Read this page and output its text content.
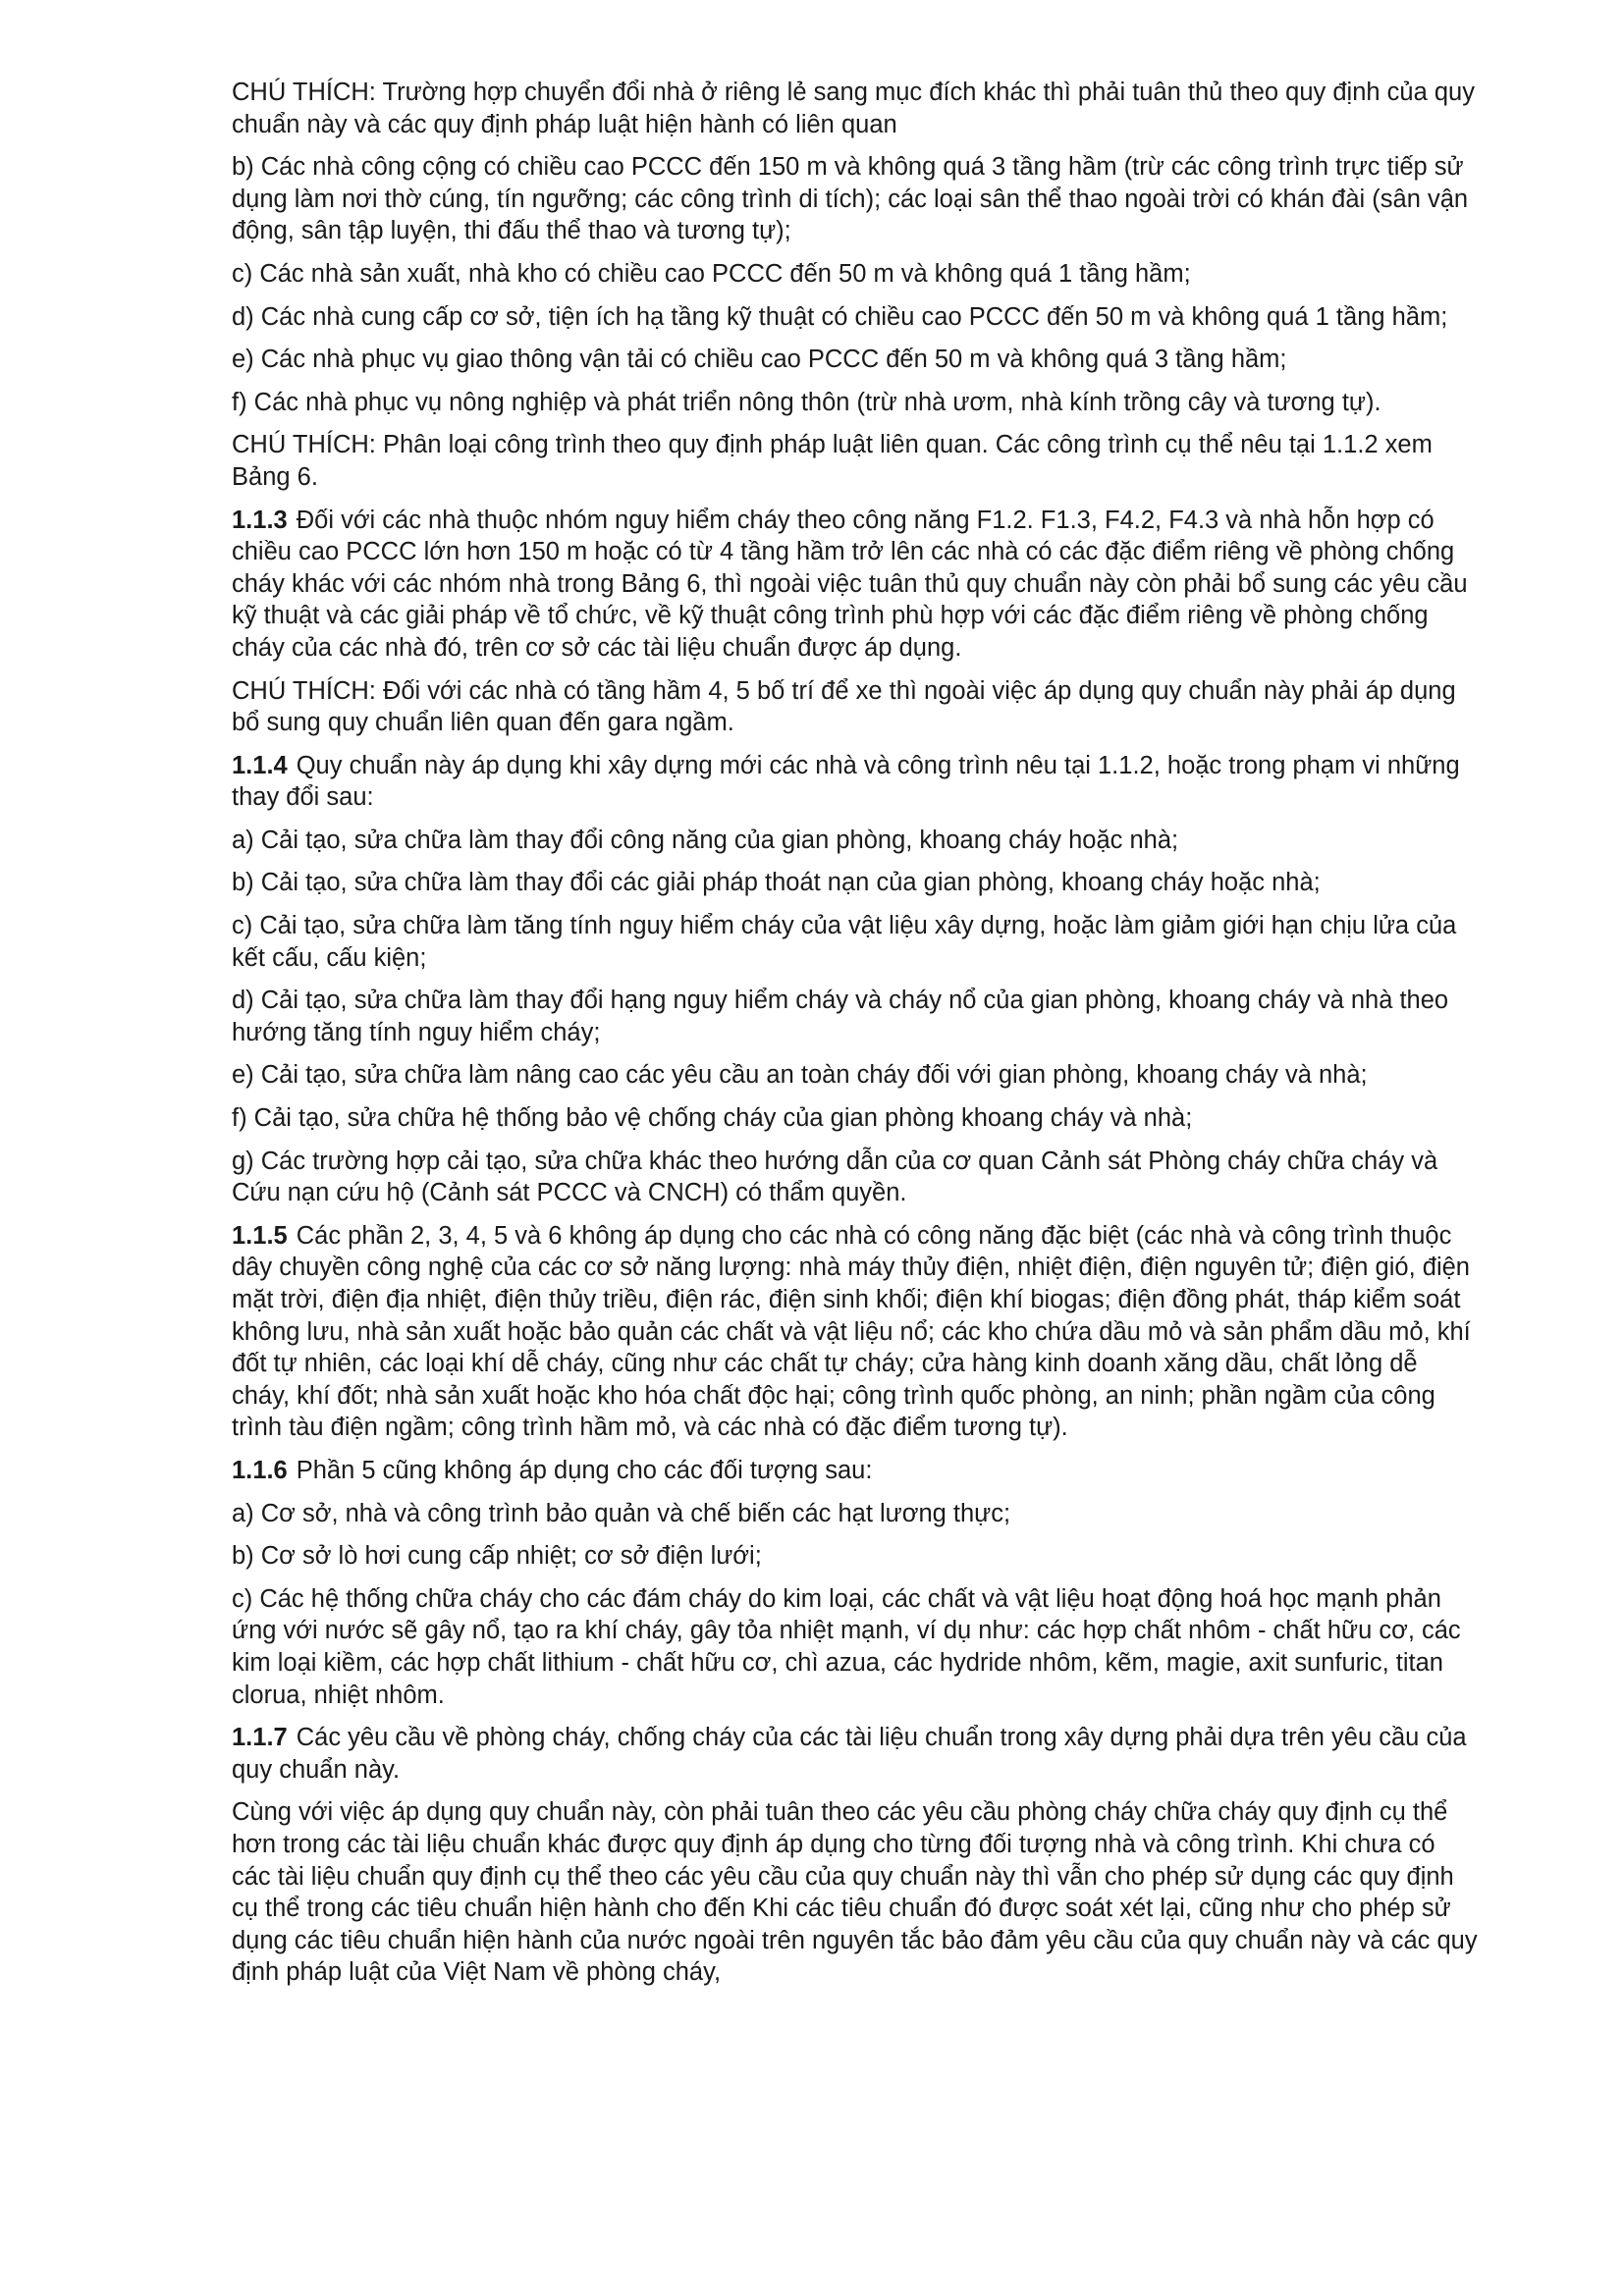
CHÚ THÍCH: Trường hợp chuyển đổi nhà ở riêng lẻ sang mục đích khác thì phải tuân thủ theo quy định của quy chuẩn này và các quy định pháp luật hiện hành có liên quan

b) Các nhà công cộng có chiều cao PCCC đến 150 m và không quá 3 tầng hầm (trừ các công trình trực tiếp sử dụng làm nơi thờ cúng, tín ngưỡng; các công trình di tích); các loại sân thể thao ngoài trời có khán đài (sân vận động, sân tập luyện, thi đấu thể thao và tương tự);

c) Các nhà sản xuất, nhà kho có chiều cao PCCC đến 50 m và không quá 1 tầng hầm;

d) Các nhà cung cấp cơ sở, tiện ích hạ tầng kỹ thuật có chiều cao PCCC đến 50 m và không quá 1 tầng hầm;

e) Các nhà phục vụ giao thông vận tải có chiều cao PCCC đến 50 m và không quá 3 tầng hầm;

f) Các nhà phục vụ nông nghiệp và phát triển nông thôn (trừ nhà ươm, nhà kính trồng cây và tương tự).

CHÚ THÍCH: Phân loại công trình theo quy định pháp luật liên quan. Các công trình cụ thể nêu tại 1.1.2 xem Bảng 6.

1.1.3 Đối với các nhà thuộc nhóm nguy hiểm cháy theo công năng F1.2. F1.3, F4.2, F4.3 và nhà hỗn hợp có chiều cao PCCC lớn hơn 150 m hoặc có từ 4 tầng hầm trở lên các nhà có các đặc điểm riêng về phòng chống cháy khác với các nhóm nhà trong Bảng 6, thì ngoài việc tuân thủ quy chuẩn này còn phải bổ sung các yêu cầu kỹ thuật và các giải pháp về tổ chức, về kỹ thuật công trình phù hợp với các đặc điểm riêng về phòng chống cháy của các nhà đó, trên cơ sở các tài liệu chuẩn được áp dụng.

CHÚ THÍCH: Đối với các nhà có tầng hầm 4, 5 bố trí để xe thì ngoài việc áp dụng quy chuẩn này phải áp dụng bổ sung quy chuẩn liên quan đến gara ngầm.

1.1.4 Quy chuẩn này áp dụng khi xây dựng mới các nhà và công trình nêu tại 1.1.2, hoặc trong phạm vi những thay đổi sau:

a) Cải tạo, sửa chữa làm thay đổi công năng của gian phòng, khoang cháy hoặc nhà;

b) Cải tạo, sửa chữa làm thay đổi các giải pháp thoát nạn của gian phòng, khoang cháy hoặc nhà;

c) Cải tạo, sửa chữa làm tăng tính nguy hiểm cháy của vật liệu xây dựng, hoặc làm giảm giới hạn chịu lửa của kết cấu, cấu kiện;

d) Cải tạo, sửa chữa làm thay đổi hạng nguy hiểm cháy và cháy nổ của gian phòng, khoang cháy và nhà theo hướng tăng tính nguy hiểm cháy;

e) Cải tạo, sửa chữa làm nâng cao các yêu cầu an toàn cháy đối với gian phòng, khoang cháy và nhà;

f) Cải tạo, sửa chữa hệ thống bảo vệ chống cháy của gian phòng khoang cháy và nhà;

g) Các trường hợp cải tạo, sửa chữa khác theo hướng dẫn của cơ quan Cảnh sát Phòng cháy chữa cháy và Cứu nạn cứu hộ (Cảnh sát PCCC và CNCH) có thẩm quyền.

1.1.5 Các phần 2, 3, 4, 5 và 6 không áp dụng cho các nhà có công năng đặc biệt (các nhà và công trình thuộc dây chuyền công nghệ của các cơ sở năng lượng: nhà máy thủy điện, nhiệt điện, điện nguyên tử; điện gió, điện mặt trời, điện địa nhiệt, điện thủy triều, điện rác, điện sinh khối; điện khí biogas; điện đồng phát, tháp kiểm soát không lưu, nhà sản xuất hoặc bảo quản các chất và vật liệu nổ; các kho chứa dầu mỏ và sản phẩm dầu mỏ, khí đốt tự nhiên, các loại khí dễ cháy, cũng như các chất tự cháy; cửa hàng kinh doanh xăng dầu, chất lỏng dễ cháy, khí đốt; nhà sản xuất hoặc kho hóa chất độc hại; công trình quốc phòng, an ninh; phần ngầm của công trình tàu điện ngầm; công trình hầm mỏ, và các nhà có đặc điểm tương tự).

1.1.6 Phần 5 cũng không áp dụng cho các đối tượng sau:

a) Cơ sở, nhà và công trình bảo quản và chế biến các hạt lương thực;

b) Cơ sở lò hơi cung cấp nhiệt; cơ sở điện lưới;

c) Các hệ thống chữa cháy cho các đám cháy do kim loại, các chất và vật liệu hoạt động hoá học mạnh phản ứng với nước sẽ gây nổ, tạo ra khí cháy, gây tỏa nhiệt mạnh, ví dụ như: các hợp chất nhôm - chất hữu cơ, các kim loại kiềm, các hợp chất lithium - chất hữu cơ, chì azua, các hydride nhôm, kẽm, magie, axit sunfuric, titan clorua, nhiệt nhôm.

1.1.7 Các yêu cầu về phòng cháy, chống cháy của các tài liệu chuẩn trong xây dựng phải dựa trên yêu cầu của quy chuẩn này.

Cùng với việc áp dụng quy chuẩn này, còn phải tuân theo các yêu cầu phòng cháy chữa cháy quy định cụ thể hơn trong các tài liệu chuẩn khác được quy định áp dụng cho từng đối tượng nhà và công trình. Khi chưa có các tài liệu chuẩn quy định cụ thể theo các yêu cầu của quy chuẩn này thì vẫn cho phép sử dụng các quy định cụ thể trong các tiêu chuẩn hiện hành cho đến Khi các tiêu chuẩn đó được soát xét lại, cũng như cho phép sử dụng các tiêu chuẩn hiện hành của nước ngoài trên nguyên tắc bảo đảm yêu cầu của quy chuẩn này và các quy định pháp luật của Việt Nam về phòng cháy,
